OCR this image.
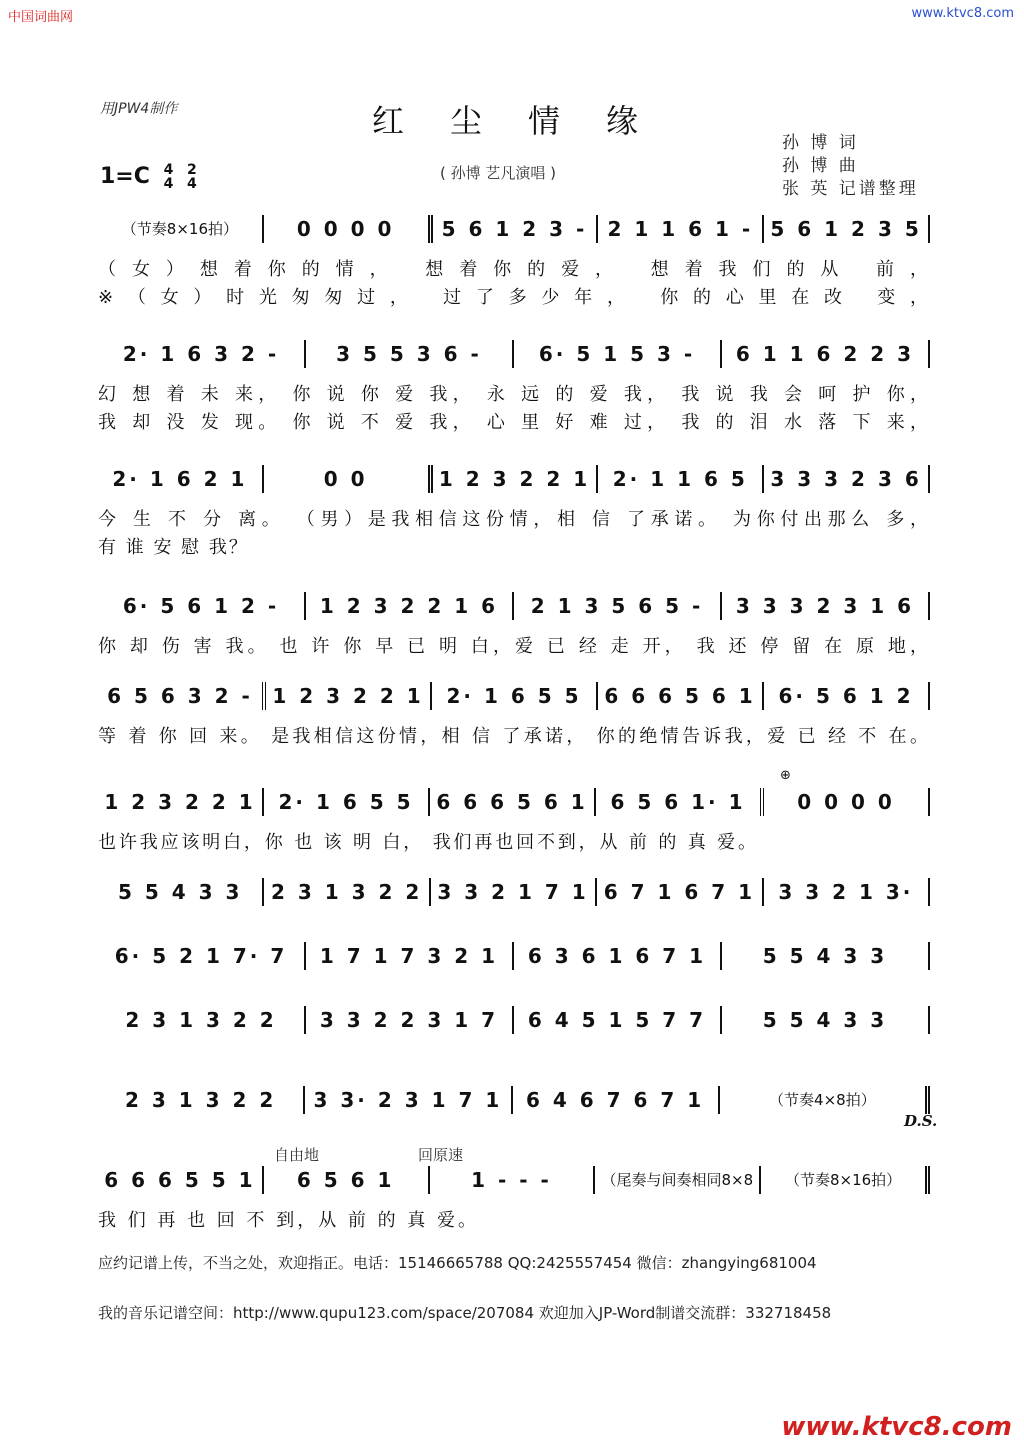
中国词曲网	www.ktvc8.com
用JPW4制作	红尘情缘
孙 博 词
孙 博 曲
张 英 记谱整理
1=C 4
4 2
4
( 孙博 艺凡演唱 )
（节奏8×16拍）	0 0 0 0	5 6 1 2 3 -	2 1 1 6 1 - 5 6 1 2 3 5
（女）想着你的情， 想着你的爱， 想着我们的从 前，
※（女）时光匆匆过， 过了多少年， 你的心里在改 变，
2· 1 6 3 2 -	3 5 5 3 6 -	6· 5 1 5 3 -	6 1 1 6 2 2 3
幻 想 着 未 来， 你 说 你 爱 我， 永 远 的 爱 我， 我 说 我 会 呵 护 你，
我 却 没 发 现。 你 说 不 爱 我， 心 里 好 难 过， 我 的 泪 水 落 下 来，
2· 1 6 2 1	0 0	1 2 3 2 2 1	2· 1 1 6 5	3 3 3 2 3 6
今 生 不 分 离。 （男）是我相信这份情，相 信 了承诺。 为你付出那么 多，
有 谁 安 慰 我？
6· 5 6 1 2 -	1 2 3 2 2 1 6	2 1 3 5 6 5 -	3 3 3 2 3 1 6
你 却 伤 害 我。 也 许 你 早 已 明 白，爱 已 经 走 开， 我 还 停 留 在 原 地，
6 5 6 3 2 - 1 2 3 2 2 1	2· 1 6 5 5	6 6 6 5 6 1	6· 5 6 1 2
等 着 你 回 来。 是我相信这份情，相 信 了承诺， 你的绝情告诉我，爱 已 经 不 在。
⊕
1 2 3 2 2 1	2· 1 6 5 5	6 6 6 5 6 1	6 5 6 1· 1	0 0 0 0
也许我应该明白，你 也 该 明 白， 我们再也回不到，从 前 的 真 爱。
5 5 4 3 3	2 3 1 3 2 2 3 3 2 1 7 1 6 7 1 6 7 1	3 3 2 1 3·
6· 5 2 1 7· 7	1 7 1 7 3 2 1	6 3 6 1 6 7 1	5 5 4 3 3
2 3 1 3 2 2	3 3 2 2 3 1 7	6 4 5 1 5 7 7	5 5 4 3 3
2 3 1 3 2 2	3 3· 2 3 1 7 1	6 4 6 7 6 7 1	（节奏4×8拍）
D.S.
自由地	回原速
6 6 6 5 5 1	6 5 6 1	1 - - -	（尾奏与间奏相同8×8	（节奏8×16拍）
我 们 再 也 回 不 到，从 前 的 真 爱。
应约记谱上传，不当之处，欢迎指正。电话：15146665788 QQ:2425557454 微信：zhangying681004
我的音乐记谱空间：http://www.qupu123.com/space/207084 欢迎加入JP-Word制谱交流群：332718458
www.ktvc8.com
